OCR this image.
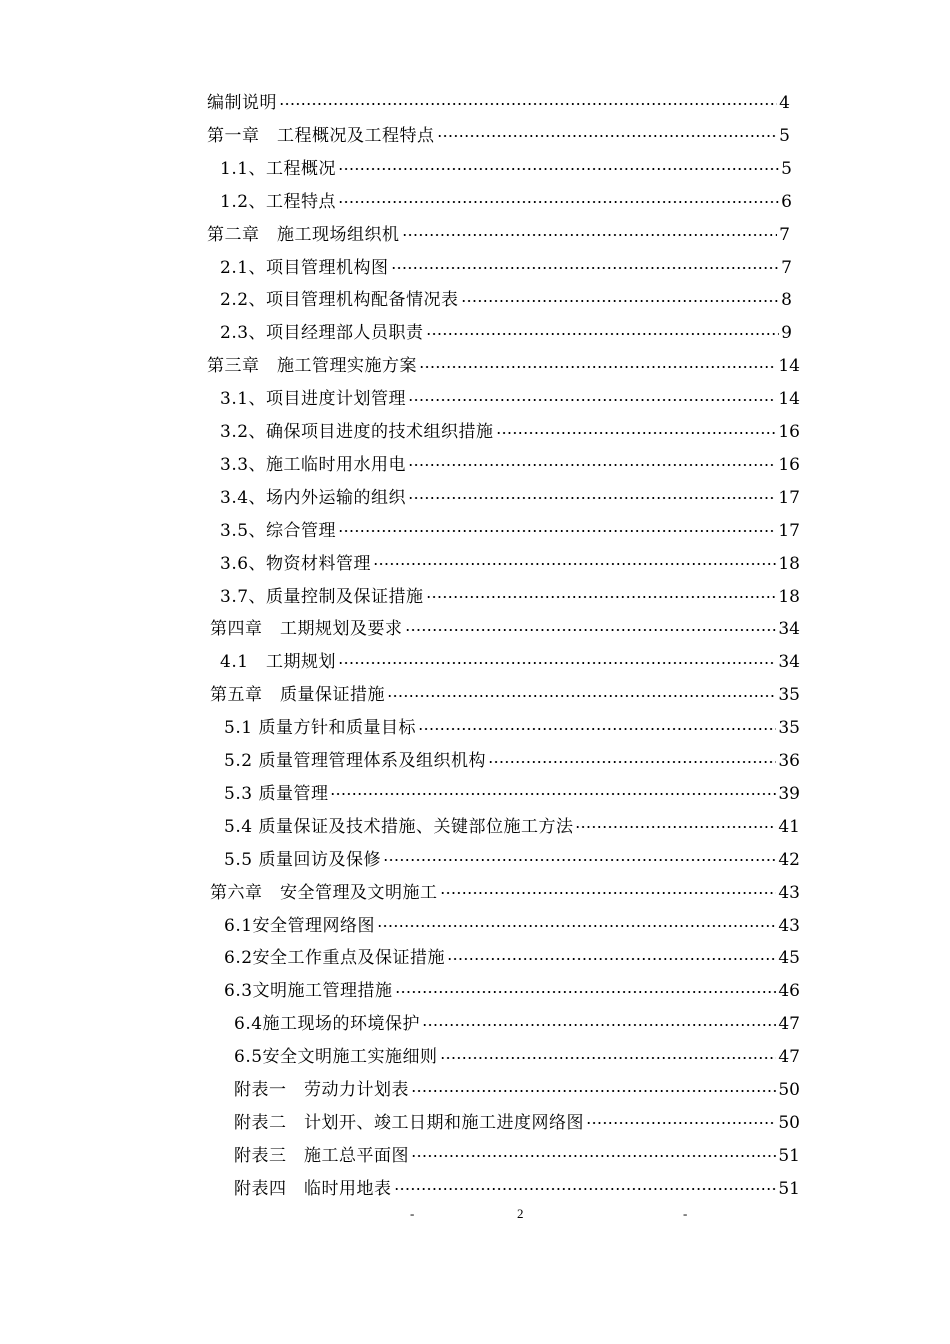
编制说明	4
第一章　工程概况及工程特点	5
1.1、工程概况	5
1.2、工程特点	6
第二章　施工现场组织机	7
2.1、项目管理机构图	7
2.2、项目管理机构配备情况表	8
2.3、项目经理部人员职责	9
第三章　施工管理实施方案	14
3.1、项目进度计划管理	14
3.2、确保项目进度的技术组织措施	16
3.3、施工临时用水用电	16
3.4、场内外运输的组织	17
3.5、综合管理	17
3.6、物资材料管理	18
3.7、质量控制及保证措施	18
第四章　工期规划及要求	34
4.1　工期规划	34
第五章　质量保证措施	35
5.1 质量方针和质量目标	35
5.2 质量管理管理体系及组织机构	36
5.3 质量管理	39
5.4 质量保证及技术措施、关键部位施工方法	41
5.5 质量回访及保修	42
第六章　安全管理及文明施工	43
6.1安全管理网络图	43
6.2安全工作重点及保证措施	45
6.3文明施工管理措施	46
6.4施工现场的环境保护	47
6.5安全文明施工实施细则	47
附表一　劳动力计划表	50
附表二　计划开、竣工日期和施工进度网络图	50
附表三　施工总平面图	51
附表四　临时用地表	51
-	2	-
